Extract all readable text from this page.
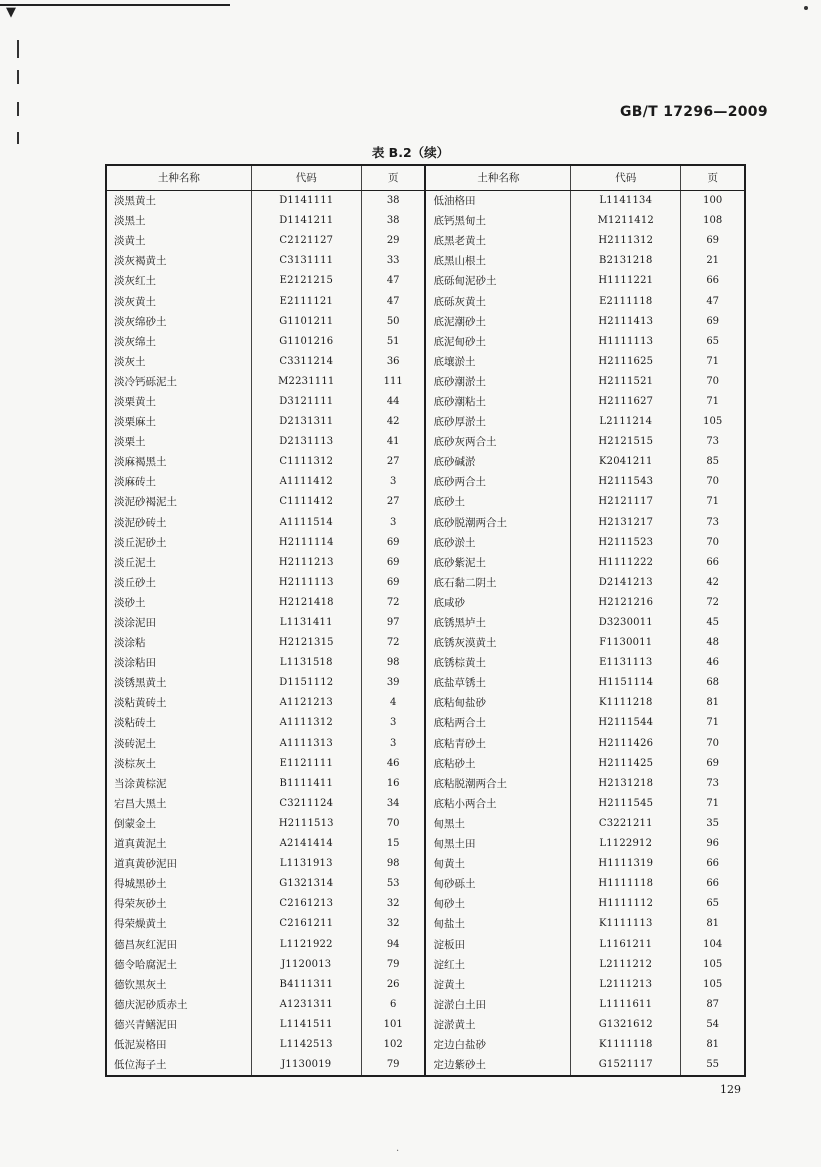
▼
GB/T 17296—2009
表 B.2（续）
土种名称	代码	页	土种名称	代码	页
淡黑黄土	D1141111	38	低油格田	L1141134	100
淡黑土	D1141211	38	底钙黑甸土	M1211412	108
淡黄土	C2121127	29	底黑老黄土	H2111312	69
淡灰褐黄土	C3131111	33	底黑山根土	B2131218	21
淡灰红土	E2121215	47	底砾甸泥砂土	H1111221	66
淡灰黄土	E2111121	47	底砾灰黄土	E2111118	47
淡灰绵砂土	G1101211	50	底泥潮砂土	H2111413	69
淡灰绵土	G1101216	51	底泥甸砂土	H1111113	65
淡灰土	C3311214	36	底壤淤土	H2111625	71
淡冷钙砾泥土	M2231111	111	底砂潮淤土	H2111521	70
淡栗黄土	D3121111	44	底砂潮粘土	H2111627	71
淡栗麻土	D2131311	42	底砂厚淤土	L2111214	105
淡栗土	D2131113	41	底砂灰两合土	H2121515	73
淡麻褐黑土	C1111312	27	底砂碱淤	K2041211	85
淡麻砖土	A1111412	3	底砂两合土	H2111543	70
淡泥砂褐泥土	C1111412	27	底砂土	H2121117	71
淡泥砂砖土	A1111514	3	底砂脱潮两合土	H2131217	73
淡丘泥砂土	H2111114	69	底砂淤土	H2111523	70
淡丘泥土	H2111213	69	底砂紫泥土	H1111222	66
淡丘砂土	H2111113	69	底石黏二阴土	D2141213	42
淡砂土	H2121418	72	底咸砂	H2121216	72
淡涂泥田	L1131411	97	底锈黑垆土	D3230011	45
淡涂粘	H2121315	72	底锈灰漠黄土	F1130011	48
淡涂粘田	L1131518	98	底锈棕黄土	E1131113	46
淡锈黑黄土	D1151112	39	底盐草锈土	H1151114	68
淡粘黄砖土	A1121213	4	底粘甸盐砂	K1111218	81
淡粘砖土	A1111312	3	底粘两合土	H2111544	71
淡砖泥土	A1111313	3	底粘青砂土	H2111426	70
淡棕灰土	E1121111	46	底粘砂土	H2111425	69
当涂黄棕泥	B1111411	16	底粘脱潮两合土	H2131218	73
宕昌大黑土	C3211124	34	底粘小两合土	H2111545	71
倒蒙金土	H2111513	70	甸黑土	C3221211	35
道真黄泥土	A2141414	15	甸黑土田	L1122912	96
道真黄砂泥田	L1131913	98	甸黄土	H1111319	66
得城黑砂土	G1321314	53	甸砂砾土	H1111118	66
得荣灰砂土	C2161213	32	甸砂土	H1111112	65
得荣燥黄土	C2161211	32	甸盐土	K1111113	81
德昌灰红泥田	L1121922	94	淀板田	L1161211	104
德令哈腐泥土	J1120013	79	淀红土	L2111212	105
德钦黑灰土	B4111311	26	淀黄土	L2111213	105
德庆泥砂质赤土	A1231311	6	淀淤白土田	L1111611	87
德兴青鳝泥田	L1141511	101	淀淤黄土	G1321612	54
低泥炭格田	L1142513	102	定边白盐砂	K1111118	81
低位海子土	J1130019	79	定边紫砂土	G1521117	55
129
.
